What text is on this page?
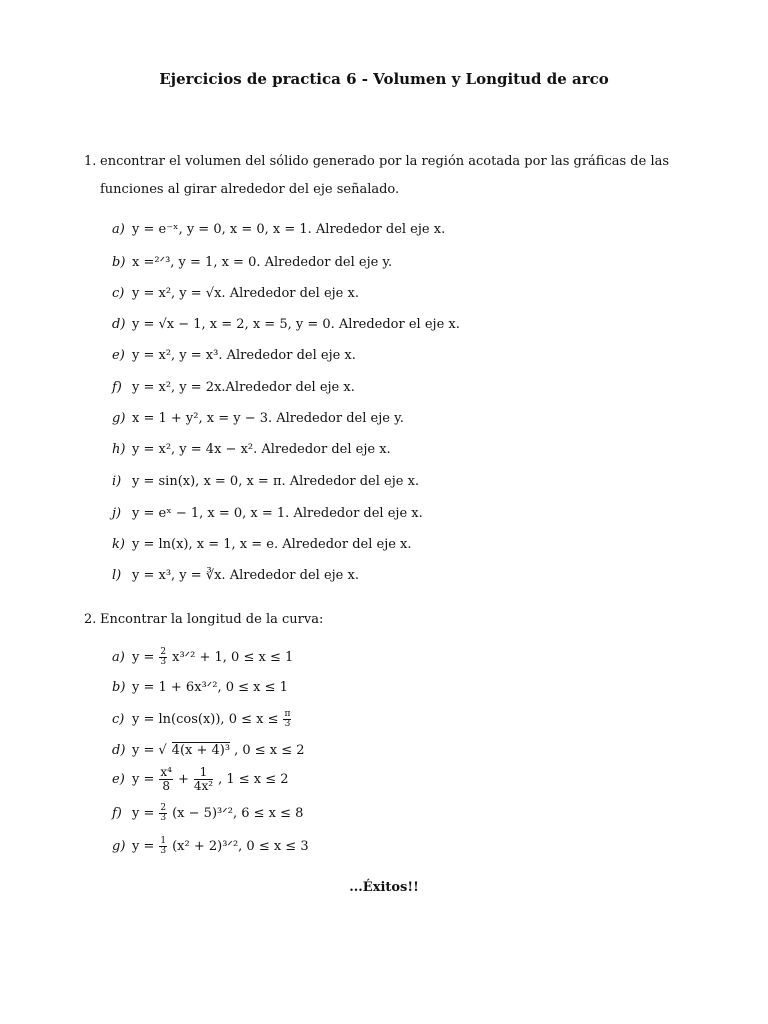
Ejercicios de practica 6 - Volumen y Longitud de arco
1. encontrar el volumen del sólido generado por la región acotada por las gráficas de las funciones al girar alrededor del eje señalado.
a) y = e⁻ˣ, y = 0, x = 0, x = 1. Alrededor del eje x.
b) x =²ᐟ³, y = 1, x = 0. Alrededor del eje y.
c) y = x², y = √x. Alrededor del eje x.
d) y = √x − 1, x = 2, x = 5, y = 0. Alrededor el eje x.
e) y = x², y = x³. Alrededor del eje x.
f) y = x², y = 2x.Alrededor del eje x.
g) x = 1 + y², x = y − 3. Alrededor del eje y.
h) y = x², y = 4x − x². Alrededor del eje x.
i) y = sin(x), x = 0, x = π. Alrededor del eje x.
j) y = eˣ − 1, x = 0, x = 1. Alrededor del eje x.
k) y = ln(x), x = 1, x = e. Alrededor del eje x.
l) y = x³, y = ∛x. Alrededor del eje x.
2. Encontrar la longitud de la curva:
a) $y = \frac{2}{3}$ x³ᐟ² + 1, 0 ≤ x ≤ 1
b) y = 1 + 6x³ᐟ², 0 ≤ x ≤ 1
c) y = ln(cos(x)), $0 \le x \le \frac{\pi}{3}$
d) y = √ 4(x + 4)³ , 0 ≤ x ≤ 2
e) $y = \frac{\text{x⁴}}{8} + \frac{1}{\text{4x²}}$ , 1 ≤ x ≤ 2
f) $y = \frac{2}{3} (x$ − 5)³ᐟ², 6 ≤ x ≤ 8
g) $y = \frac{1}{3} (x^2$ + 2)³ᐟ², 0 ≤ x ≤ 3
...Éxitos!!
